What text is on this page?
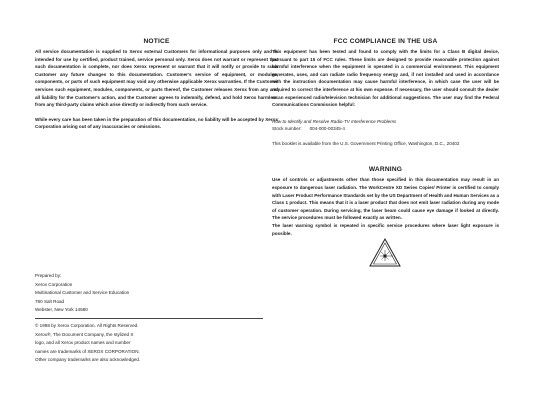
NOTICE

All service documentation is supplied to Xerox external Customers for informational purposes only and is intended for use by certified, product trained, service personal only. Xerox does not warrant or represent that such documentation is complete, nor does Xerox represent or warrant that it will notify or provide to such Customer any future changes to this documentation. Customer's service of equipment, or modules, components, or parts of such equipment may void any otherwise applicable Xerox warranties. If the Customer services such equipment, modules, components, or parts thereof, the Customer releases Xerox from any and all liability for the Customer's action, and the Customer agrees to indemnify, defend, and hold Xerox harmless from any third-party claims which arise directly or indirectly from such service.

While every care has been taken in the preparation of this documentation, no liability will be accepted by Xerox Corporation arising out of any inaccuracies or omissions.

Prepared by:
Xerox Corporation
Multinational Customer and Service Education
780 Salt Road
Webster, New York 14580
© 1998 by Xerox Corporation. All Rights Reserved.
Xerox®, The Document Company, the stylized X
logo, and all Xerox product names and number
names are trademarks of XEROX CORPORATION.
Other company trademarks are also acknowledged.
FCC COMPLIANCE IN THE USA

This equipment has been tested and found to comply with the limits for a Class B digital device, pursuant to part 15 of FCC rules. These limits are designed to provide reasonable protection against harmful interference when the equipment is operated in a commercial environment. This equipment generates, uses, and can radiate radio frequency energy and, if not installed and used in accordance with the instruction documentation may cause harmful interference, in which case the user will be required to correct the interference at his own expense. If necessary, the user should consult the dealer or an experienced radio/television technician for additional suggestions. The user may find the Federal Communications Commission helpful:

How to Identify and Resolve Radio-TV Interference Problems

Stock number: 004-000-00345-4

This booklet is available from the U.S. Government Printing Office, Washington, D.C., 20402

WARNING

Use of controls or adjustments other than those specified in this documentation may result in an exposure to dangerous laser radiation. The WorkCentre XD Series Copier/ Printer is certified to comply with Laser Product Performance Standards set by the US Department of Health and Human Services as a Class 1 product. This means that it is a laser product that does not emit laser radiation during any mode of customer operation. During servicing, the laser beam could cause eye damage if looked at directly. The service procedures must be followed exactly as written.

The laser warning symbol is repeated in specific service procedures where laser light exposure is possible.
